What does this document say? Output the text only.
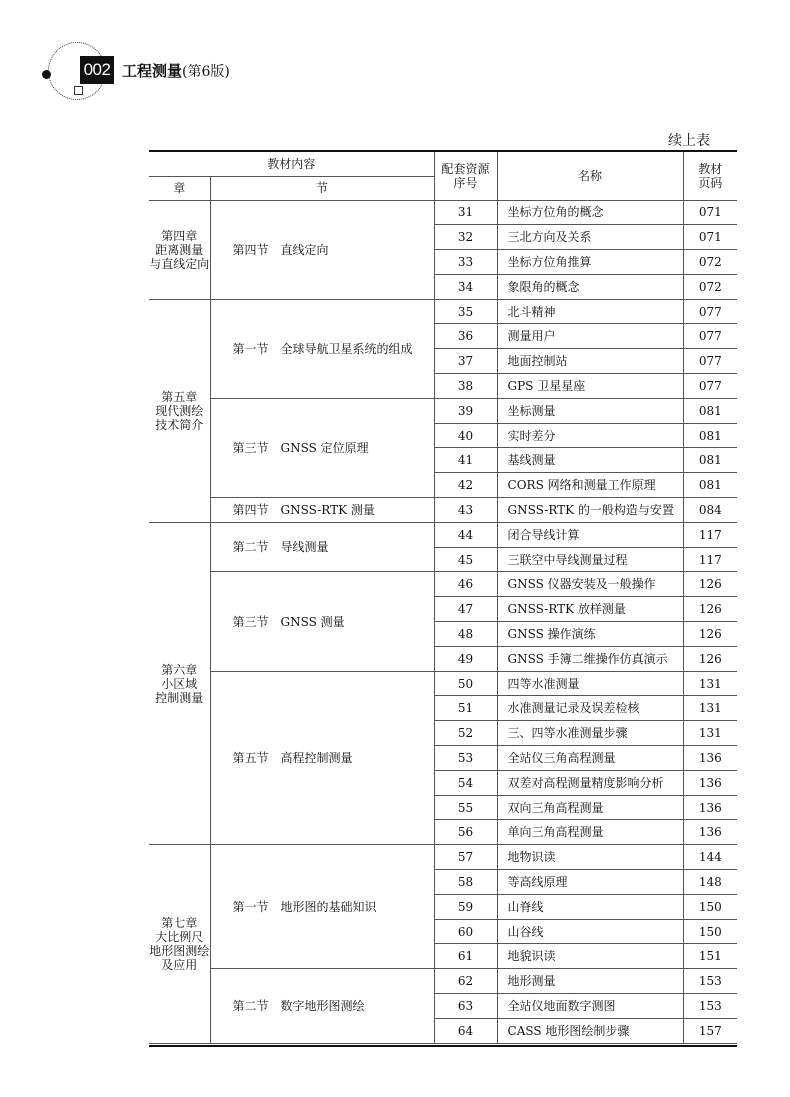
002 工程测量(第6版)
续上表
教材内容		配套资源
序号	名称	教材
页码
章	节			
第四章
距离测量
与直线定向	第四节　直线定向	31	坐标方位角的概念	071
		32	三北方向及关系	071
		33	坐标方位角推算	072
		34	象限角的概念	072
第五章
现代测绘
技术简介	第一节　全球导航卫星系统的组成	35	北斗精神	077
		36	测量用户	077
		37	地面控制站	077
		38	GPS 卫星星座	077
	第三节　GNSS 定位原理	39	坐标测量	081
		40	实时差分	081
		41	基线测量	081
		42	CORS 网络和测量工作原理	081
	第四节　GNSS-RTK 测量	43	GNSS-RTK 的一般构造与安置	084
第六章
小区域
控制测量	第二节　导线测量	44	闭合导线计算	117
		45	三联空中导线测量过程	117
	第三节　GNSS 测量	46	GNSS 仪器安装及一般操作	126
		47	GNSS-RTK 放样测量	126
		48	GNSS 操作演练	126
		49	GNSS 手簿二维操作仿真演示	126
	第五节　高程控制测量	50	四等水准测量	131
		51	水准测量记录及误差检核	131
		52	三、四等水准测量步骤	131
		53	全站仪三角高程测量	136
		54	双差对高程测量精度影响分析	136
		55	双向三角高程测量	136
		56	单向三角高程测量	136
第七章
大比例尺
地形图测绘
及应用	第一节　地形图的基础知识	57	地物识读	144
		58	等高线原理	148
		59	山脊线	150
		60	山谷线	150
		61	地貌识读	151
	第二节　数字地形图测绘	62	地形测量	153
		63	全站仪地面数字测图	153
		64	CASS 地形图绘制步骤	157
